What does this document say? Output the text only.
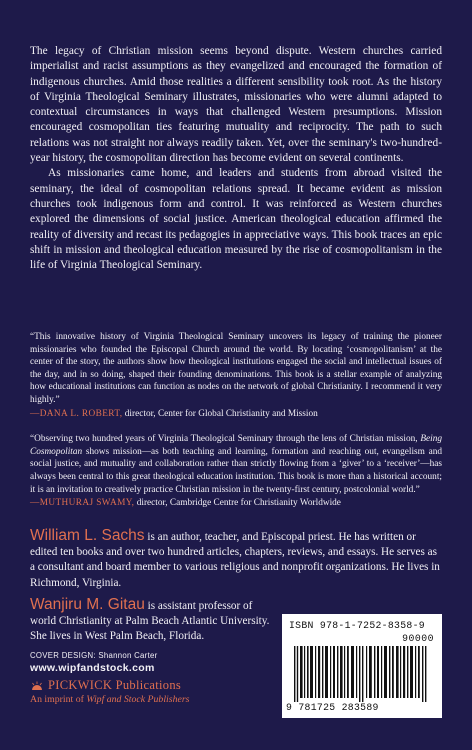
The legacy of Christian mission seems beyond dispute. Western churches carried imperialist and racist assumptions as they evangelized and encouraged the formation of indigenous churches. Amid those realities a different sensibility took root. As the history of Virginia Theological Seminary illustrates, missionaries who were alumni adapted to contextual circumstances in ways that challenged Western presumptions. Mission encouraged cosmopolitan ties featuring mutuality and reciprocity. The path to such relations was not straight nor always readily taken. Yet, over the seminary's two-hundred-year history, the cosmopolitan direction has become evident on several continents.

As missionaries came home, and leaders and students from abroad visited the seminary, the ideal of cosmopolitan relations spread. It became evident as mission churches took indigenous form and control. It was reinforced as Western churches explored the dimensions of social justice. American theological education affirmed the reality of diversity and recast its pedagogies in appreciative ways. This book traces an epic shift in mission and theological education measured by the rise of cosmopolitanism in the life of Virginia Theological Seminary.

“This innovative history of Virginia Theological Seminary uncovers its legacy of training the pioneer missionaries who founded the Episcopal Church around the world. By locating ‘cosmopolitanism’ at the center of the story, the authors show how theological institutions engaged the social and intellectual issues of the day, and in so doing, shaped their founding denominations. This book is a stellar example of analyzing how educational institutions can function as nodes on the network of global Christianity. I recommend it very highly.”

—DANA L. ROBERT, director, Center for Global Christianity and Mission

“Observing two hundred years of Virginia Theological Seminary through the lens of Christian mission, Being Cosmopolitan shows mission—as both teaching and learning, formation and reaching out, evangelism and social justice, and mutuality and collaboration rather than strictly flowing from a ‘giver’ to a ‘receiver’—has always been central to this great theological education institution. This book is more than a historical account; it is an invitation to creatively practice Christian mission in the twenty-first century, postcolonial world.”

—MUTHURAJ SWAMY, director, Cambridge Centre for Christianity Worldwide

William L. Sachs is an author, teacher, and Episcopal priest. He has written or edited ten books and over two hundred articles, chapters, reviews, and essays. He serves as a consultant and board member to various religious and nonprofit organizations. He lives in Richmond, Virginia.

Wanjiru M. Gitau is assistant professor of world Christianity at Palm Beach Atlantic University. She lives in West Palm Beach, Florida.

ISBN 978-1-7252-8358-9
90000
9 781725 283589
COVER DESIGN: Shannon Carter
www.wipfandstock.com
PICKWICK Publications
An imprint of Wipf and Stock Publishers
